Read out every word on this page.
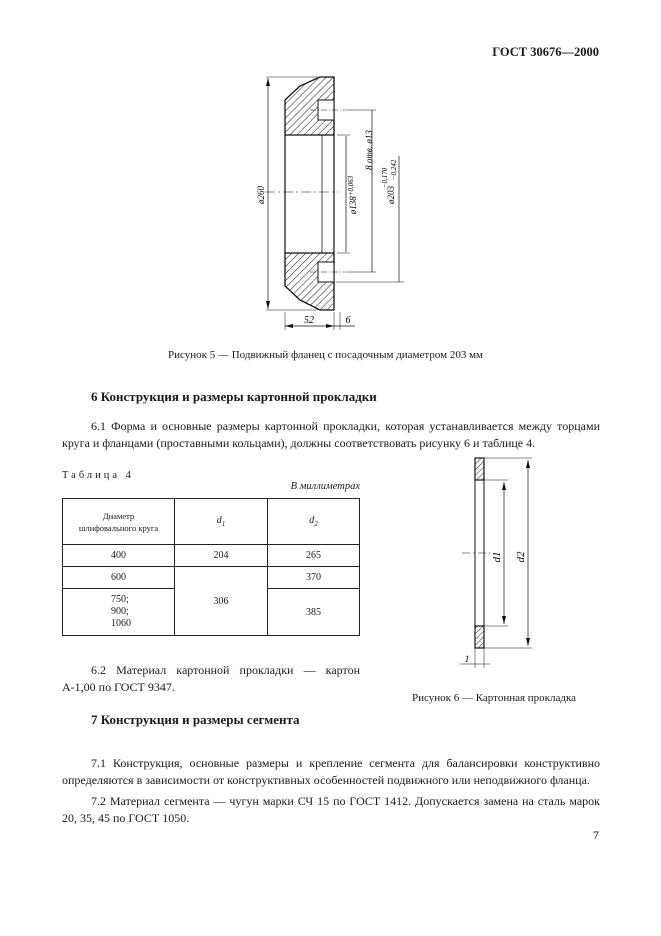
ГОСТ 30676—2000
ø260
$ø138^{+0,063}$
8 отв. ø13
ø203
−0,170 −0,242
52	6
Рисунок 5 — Подвижный фланец с посадочным диаметром 203 мм
6 Конструкция и размеры картонной прокладки
6.1 Форма и основные размеры картонной прокладки, которая устанавливается между торцами круга и фланцами (проставными кольцами), должны соответствовать рисунку 6 и таблице 4.
Таблица 4
В миллиметрах
Диаметр
шлифовального круга	$d_1$	$d_2$
400	204	265
600	306	370
750;
900;
1060		385
6.2 Материал картонной прокладки — картон А-1,00 по ГОСТ 9347.
d1 d2
1
Рисунок 6 — Картонная прокладка
7 Конструкция и размеры сегмента
7.1 Конструкция, основные размеры и крепление сегмента для балансировки конструктивно определяются в зависимости от конструктивных особенностей подвижного или неподвижного фланца.
7.2 Материал сегмента — чугун марки СЧ 15 по ГОСТ 1412. Допускается замена на сталь марок 20, 35, 45 по ГОСТ 1050.
7
